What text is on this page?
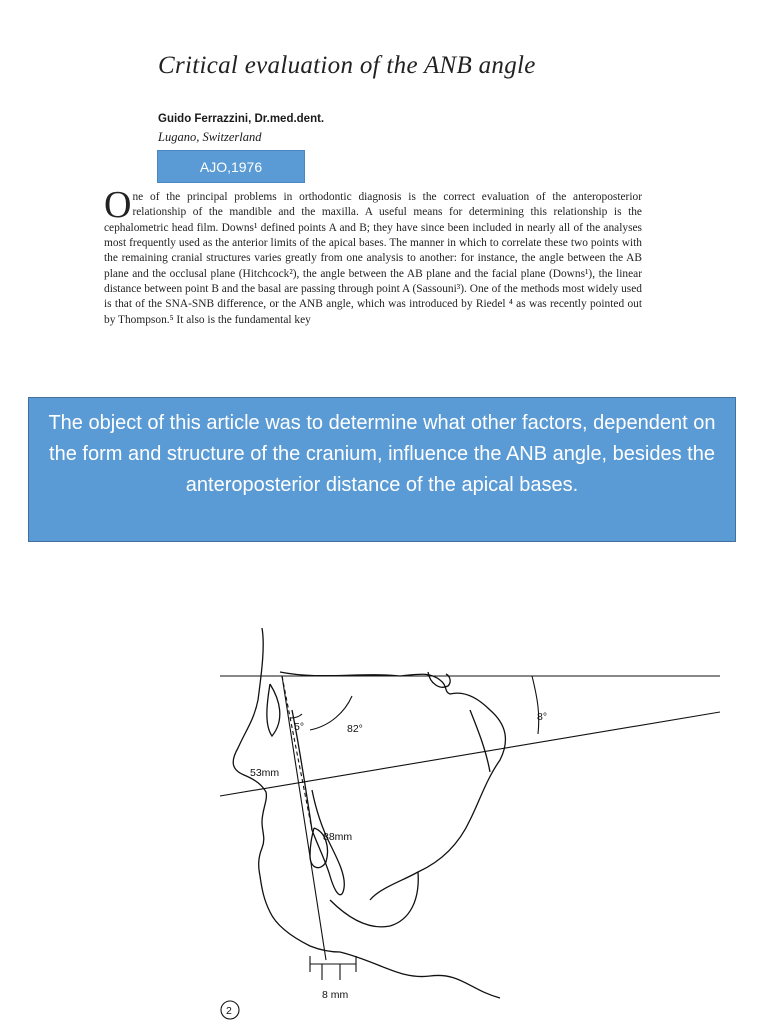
Critical evaluation of the ANB angle
Guido Ferrazzini, Dr.med.dent.
Lugano, Switzerland
AJO,1976
One of the principal problems in orthodontic diagnosis is the correct evaluation of the anteroposterior relationship of the mandible and the maxilla. A useful means for determining this relationship is the cephalometric head film. Downs¹ defined points A and B; they have since been included in nearly all of the analyses most frequently used as the anterior limits of the apical bases. The manner in which to correlate these two points with the remaining cranial structures varies greatly from one analysis to another: for instance, the angle between the AB plane and the occlusal plane (Hitchcock²), the angle between the AB plane and the facial plane (Downs¹), the linear distance between point B and the basal are passing through point A (Sassouni³). One of the methods most widely used is that of the SNA-SNB difference, or the ANB angle, which was introduced by Riedel ⁴ as was recently pointed out by Thompson.⁵ It also is the fundamental key
The object of this article was to determine what other factors, dependent on the form and structure of the cranium, influence the ANB angle, besides the anteroposterior distance of the apical bases.
5°	82°
8°
53mm
88mm
8 mm
2
